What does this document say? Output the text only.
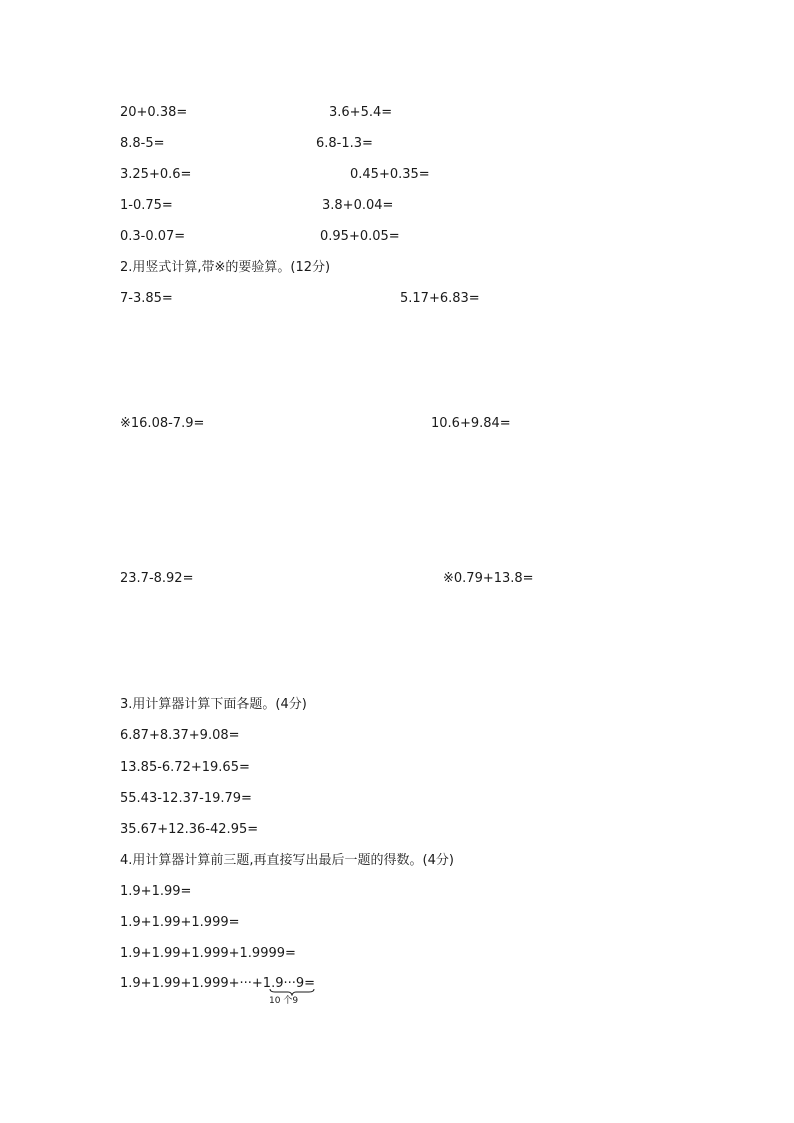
20+0.38=	3.6+5.4=
8.8-5=	6.8-1.3=
3.25+0.6=	0.45+0.35=
1-0.75=	3.8+0.04=
0.3-0.07=	0.95+0.05=
2.用竖式计算,带※的要验算。(12分)
7-3.85=	5.17+6.83=
※16.08-7.9=	10.6+9.84=
23.7-8.92=	※0.79+13.8=
3.用计算器计算下面各题。(4分)
6.87+8.37+9.08=
13.85-6.72+19.65=
55.43-12.37-19.79=
35.67+12.36-42.95=
4.用计算器计算前三题,再直接写出最后一题的得数。(4分)
1.9+1.99=
1.9+1.99+1.999=
1.9+1.99+1.999+1.9999=
1.9+1.99+1.999+···+1.9···9=
10 个9
